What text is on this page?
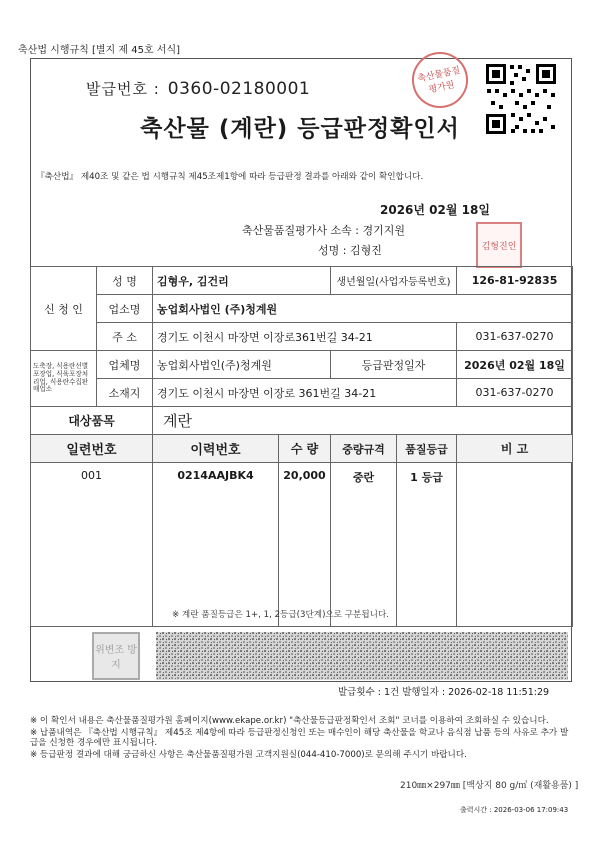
축산법 시행규칙 [별지 제 45호 서식]
발급번호 : 0360-02180001
축산물품질평가원
축산물 (계란) 등급판정확인서
『축산법』 제40조 및 같은 법 시행규칙 제45조제1항에 따라 등급판정 결과를 아래와 같이 확인합니다.
2026년 02월 18일
축산물품질평가사 소속 : 경기지원
성명 : 김형진	김형진인
신 청 인	성 명	김형우, 김건리		생년월일(사업자등록번호)		126-81-92835
	업소명	농업회사법인 (주)청계원				
	주 소	경기도 이천시 마장면 이장로361번길 34-21				031-637-0270
도축장, 식용란선별포장업, 식육포장처리업, 식용란수집판매업소	업체명	농업회사법인(주)청계원		등급판정일자		2026년 02월 18일
	소재지	경기도 이천시 마장면 이장로 361번길 34-21				031-637-0270
대상품목		계란				
일련번호		이력번호	수 량	중량규격	품질등급	비 고
001		0214AAJBK4	20,000	중란	1 등급	
※ 계란 품질등급은 1+, 1, 2등급(3단계)으로 구분됩니다.
위변조 방지
발급횟수 : 1건 발행일자 : 2026-02-18 11:51:29
※ 이 확인서 내용은 축산물품질평가원 홈페이지(www.ekape.or.kr) "축산물등급판정확인서 조회" 코너를 이용하여 조회하실 수 있습니다.
※ 납품내역은 『축산법 시행규칙』 제45조 제4항에 따라 등급판정신청인 또는 매수인이 해당 축산물을 학교나 음식점 납품 등의 사유로 추가 발급을 신청한 경우에만 표시됩니다.
※ 등급판정 결과에 대해 궁금하신 사항은 축산물품질평가원 고객지원실(044-410-7000)로 문의해 주시기 바랍니다.
210㎜×297㎜ [백상지 80 g/㎡ (재활용품) ]
출력시간 : 2026-03-06 17:09:43
